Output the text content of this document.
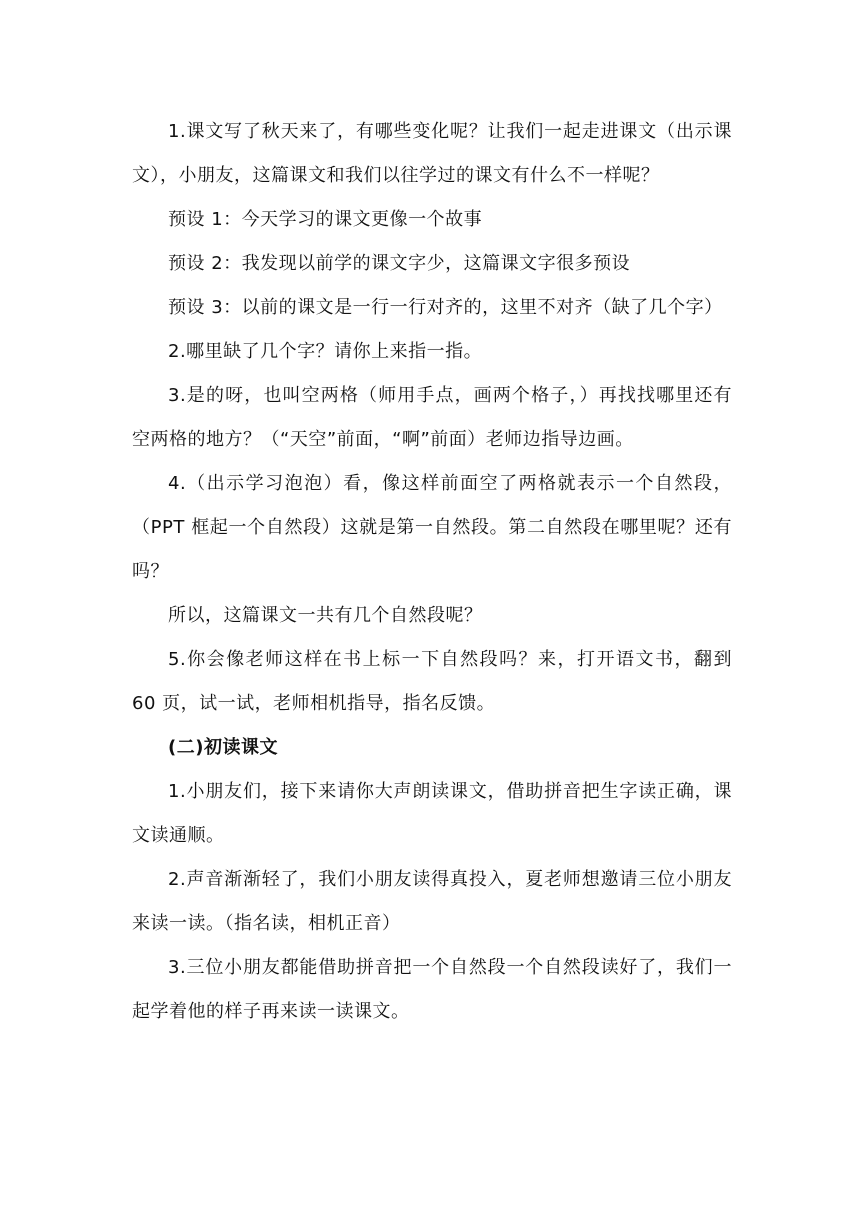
1.课文写了秋天来了，有哪些变化呢？让我们一起走进课文（出示课文），小朋友，这篇课文和我们以往学过的课文有什么不一样呢？

预设 1：今天学习的课文更像一个故事

预设 2：我发现以前学的课文字少，这篇课文字很多预设

预设 3：以前的课文是一行一行对齐的，这里不对齐（缺了几个字）

2.哪里缺了几个字？请你上来指一指。

3.是的呀，也叫空两格（师用手点，画两个格子，）再找找哪里还有空两格的地方？（“天空”前面，“啊”前面）老师边指导边画。

4.（出示学习泡泡）看，像这样前面空了两格就表示一个自然段，（PPT 框起一个自然段）这就是第一自然段。第二自然段在哪里呢？还有吗？

所以，这篇课文一共有几个自然段呢？

5.你会像老师这样在书上标一下自然段吗？来，打开语文书，翻到 60 页，试一试，老师相机指导，指名反馈。

(二)初读课文

1.小朋友们，接下来请你大声朗读课文，借助拼音把生字读正确，课文读通顺。

2.声音渐渐轻了，我们小朋友读得真投入，夏老师想邀请三位小朋友来读一读。（指名读，相机正音）

3.三位小朋友都能借助拼音把一个自然段一个自然段读好了，我们一起学着他的样子再来读一读课文。
